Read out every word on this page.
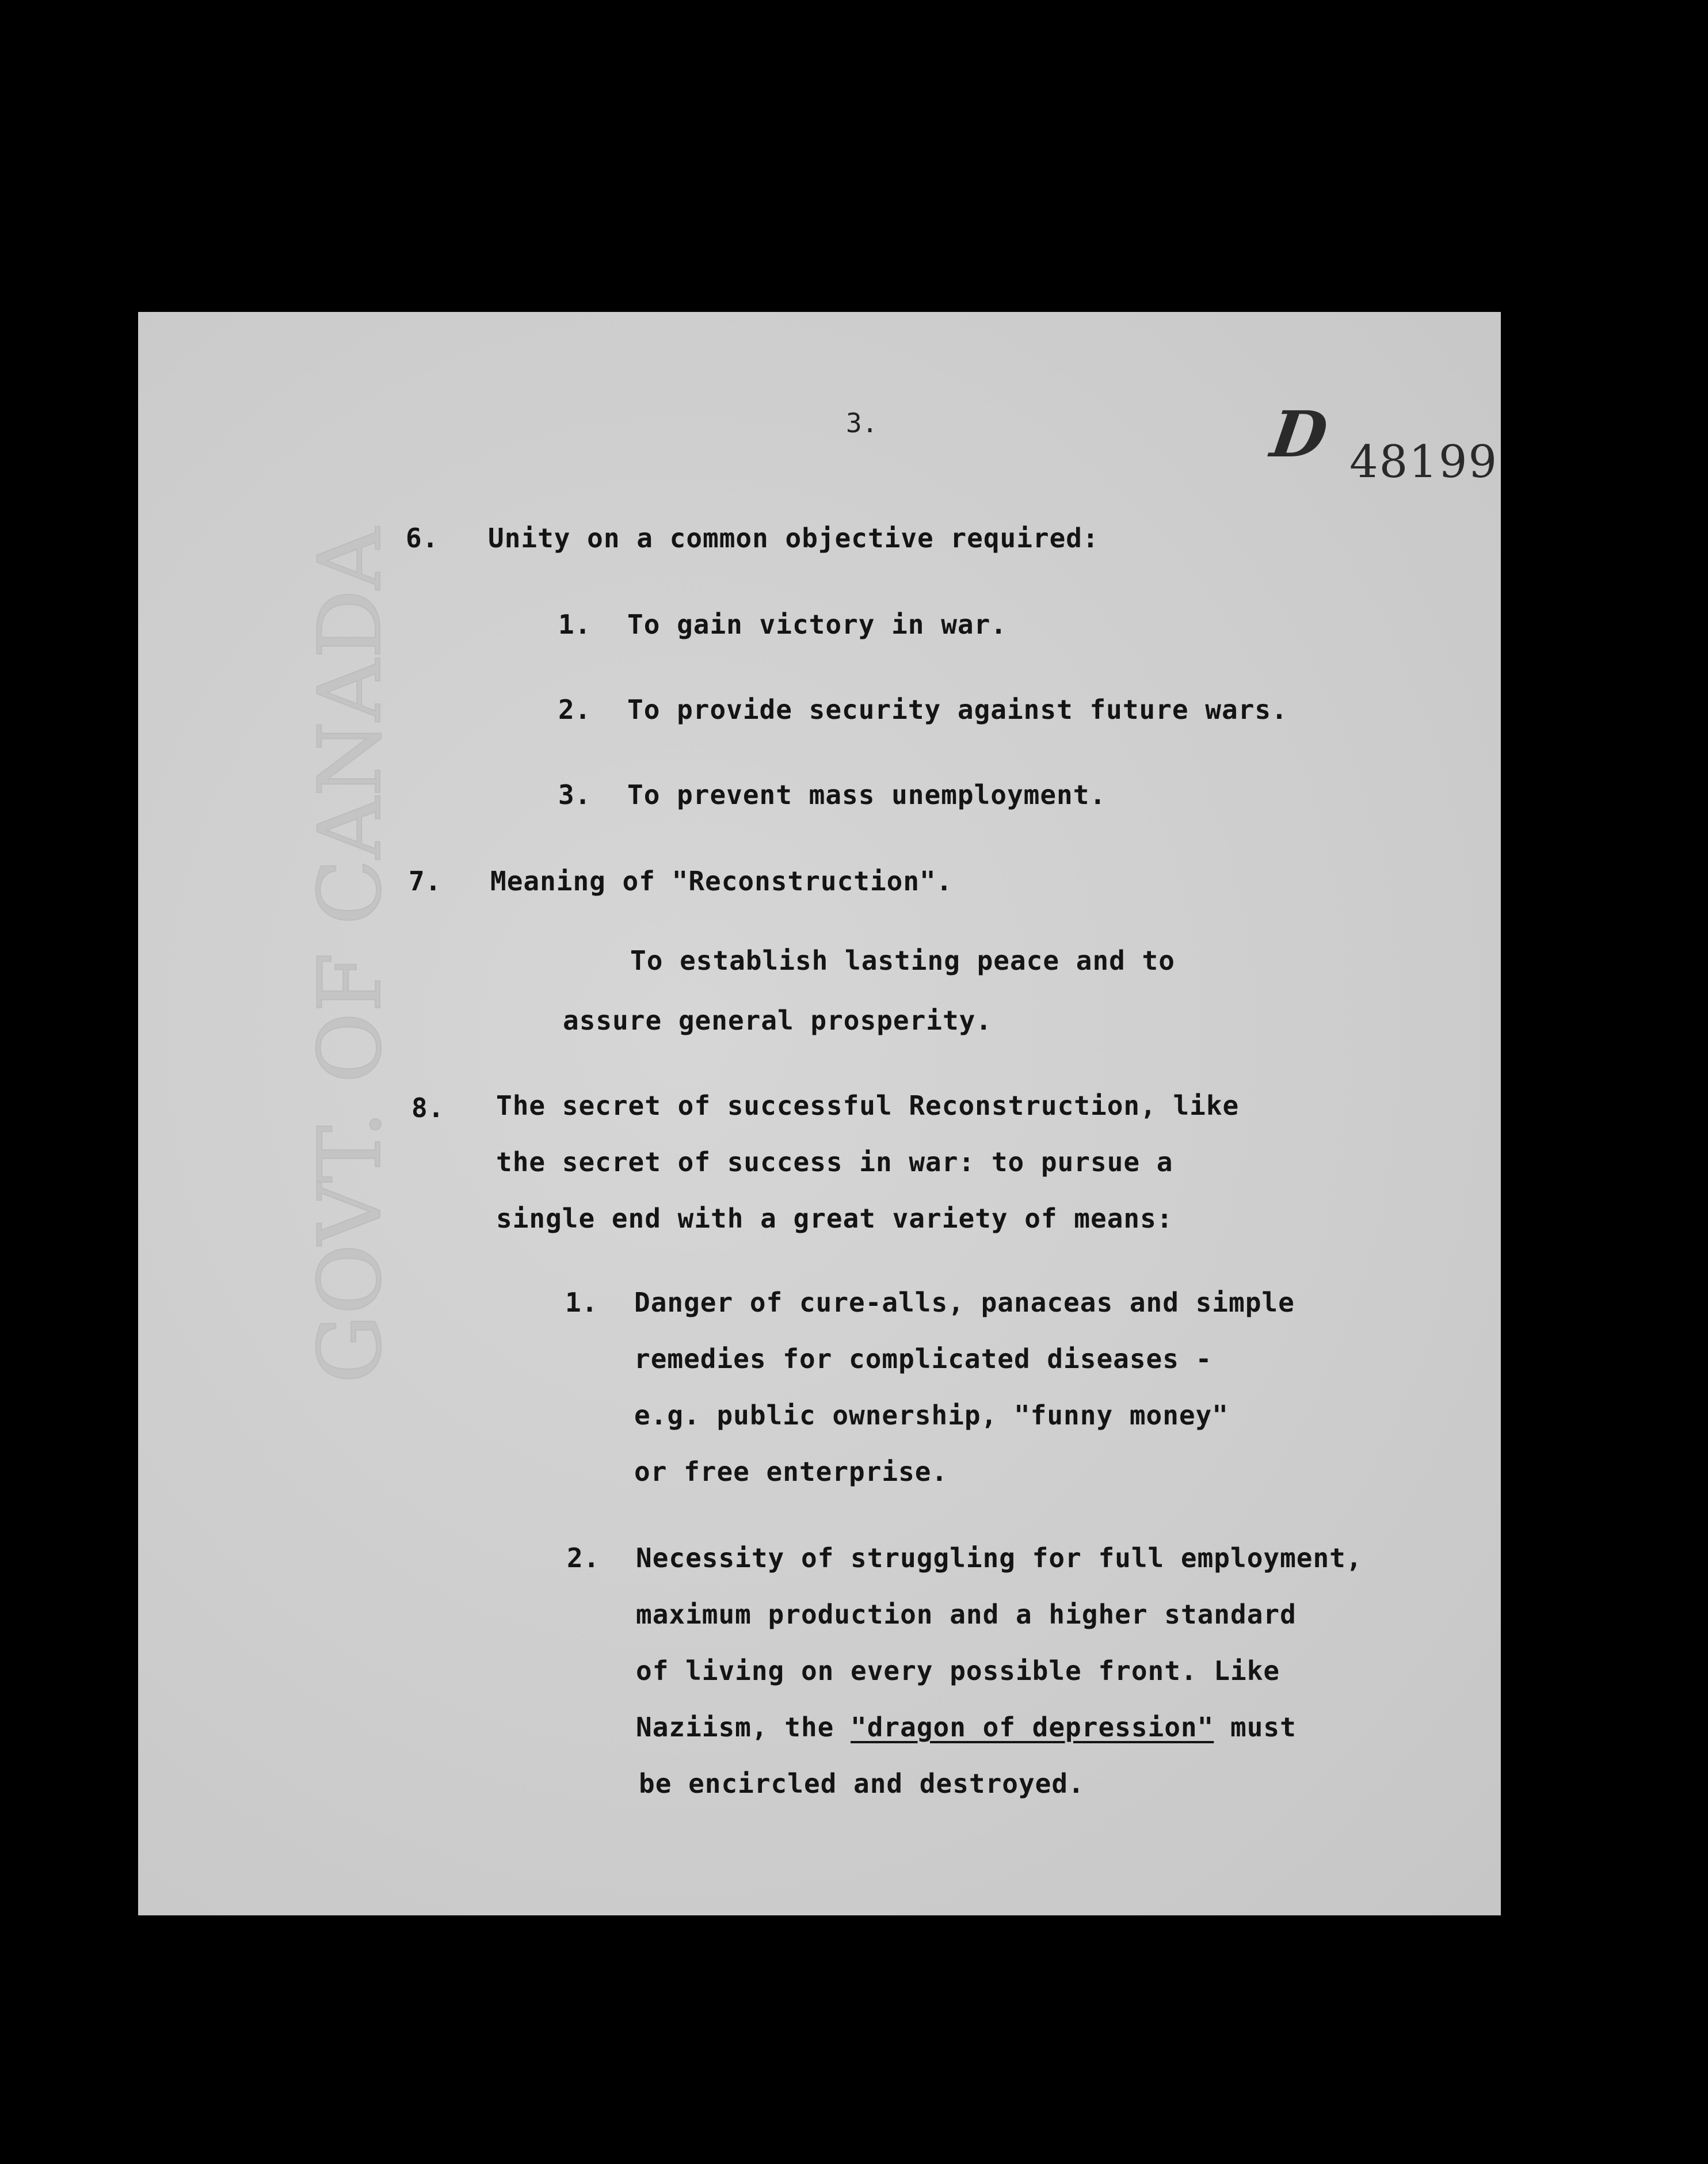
GOVT. OF CANADA
3.	D 48199
6. Unity on a common objective required:
1. To gain victory in war.
2. To provide security against future wars.
3. To prevent mass unemployment.
7. Meaning of "Reconstruction".
To establish lasting peace and to
assure general prosperity.
8. The secret of successful Reconstruction, like
the secret of success in war: to pursue a
single end with a great variety of means:
1. Danger of cure-alls, panaceas and simple
remedies for complicated diseases -
e.g. public ownership, "funny money"
or free enterprise.
2. Necessity of struggling for full employment,
maximum production and a higher standard
of living on every possible front. Like
Naziism, the "dragon of depression" must
be encircled and destroyed.
